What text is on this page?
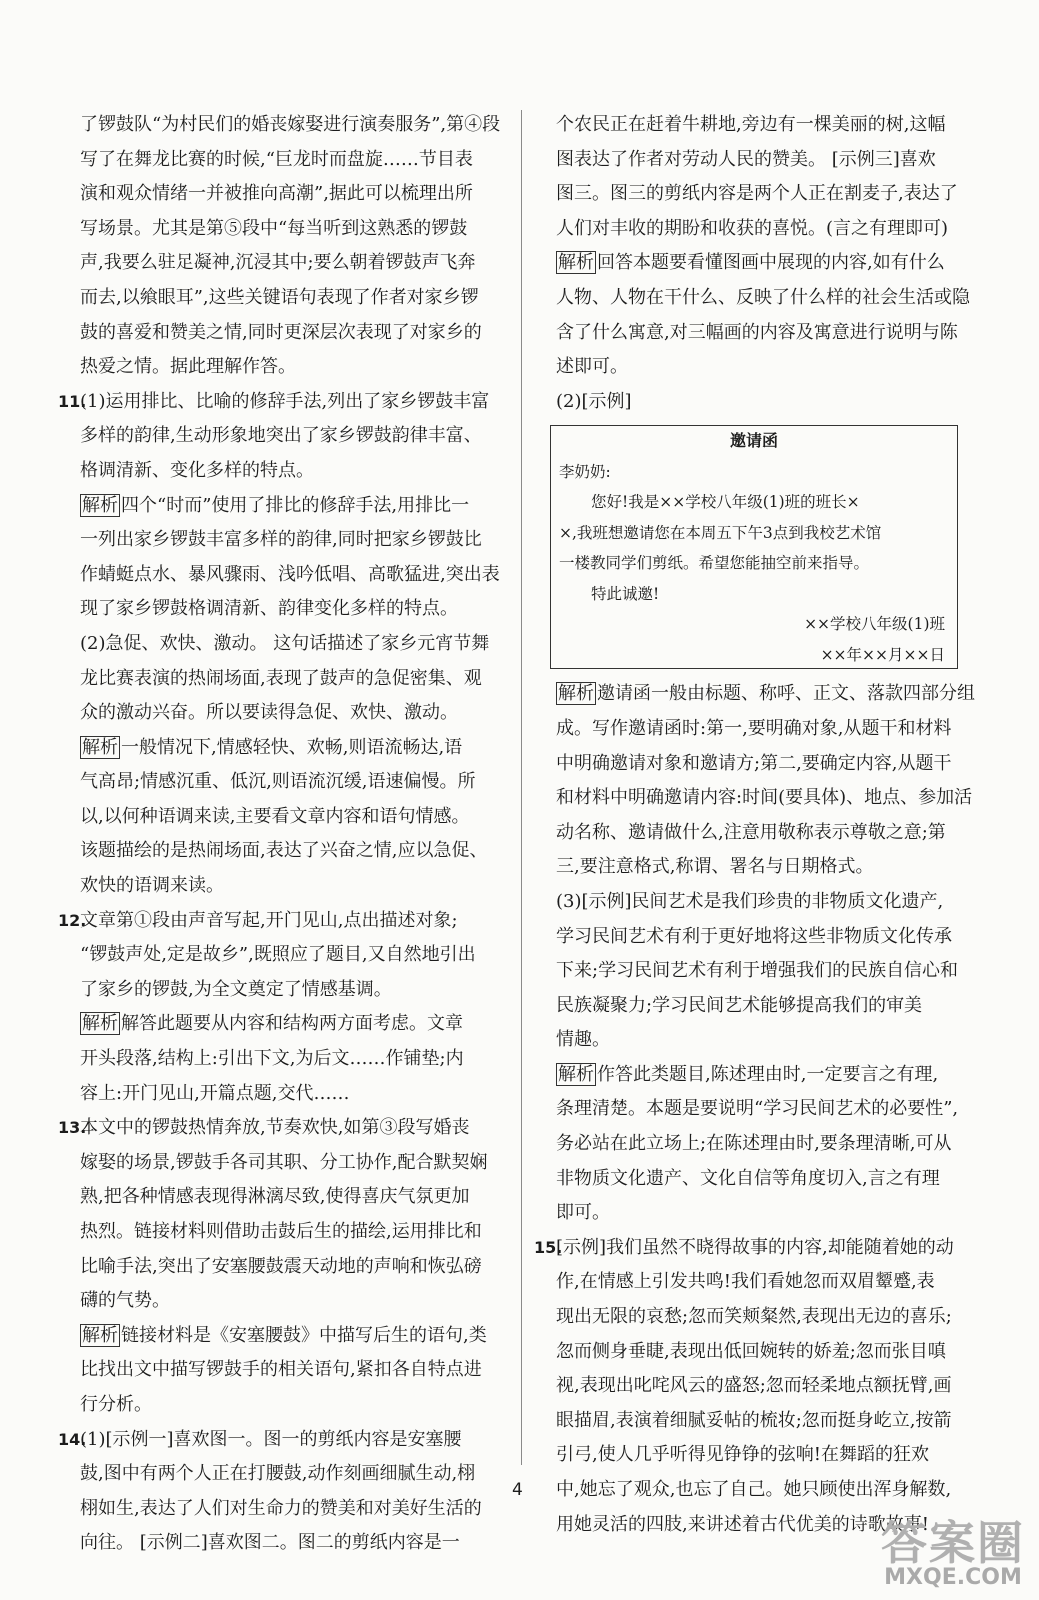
了锣鼓队“为村民们的婚丧嫁娶进行演奏服务”,第④段
写了在舞龙比赛的时候,“巨龙时而盘旋……节目表
演和观众情绪一并被推向高潮”,据此可以梳理出所
写场景。尤其是第⑤段中“每当听到这熟悉的锣鼓
声,我要么驻足凝神,沉浸其中;要么朝着锣鼓声飞奔
而去,以飨眼耳”,这些关键语句表现了作者对家乡锣
鼓的喜爱和赞美之情,同时更深层次表现了对家乡的
热爱之情。据此理解作答。
11.(1)运用排比、比喻的修辞手法,列出了家乡锣鼓丰富
多样的韵律,生动形象地突出了家乡锣鼓韵律丰富、
格调清新、变化多样的特点。
解析 四个“时而”使用了排比的修辞手法,用排比一
一列出家乡锣鼓丰富多样的韵律,同时把家乡锣鼓比
作蜻蜓点水、暴风骤雨、浅吟低唱、高歌猛进,突出表
现了家乡锣鼓格调清新、韵律变化多样的特点。
(2)急促、欢快、激动。 这句话描述了家乡元宵节舞
龙比赛表演的热闹场面,表现了鼓声的急促密集、观
众的激动兴奋。所以要读得急促、欢快、激动。
解析 一般情况下,情感轻快、欢畅,则语流畅达,语
气高昂;情感沉重、低沉,则语流沉缓,语速偏慢。所
以,以何种语调来读,主要看文章内容和语句情感。
该题描绘的是热闹场面,表达了兴奋之情,应以急促、
欢快的语调来读。
12.文章第①段由声音写起,开门见山,点出描述对象;
“锣鼓声处,定是故乡”,既照应了题目,又自然地引出
了家乡的锣鼓,为全文奠定了情感基调。
解析 解答此题要从内容和结构两方面考虑。文章
开头段落,结构上:引出下文,为后文……作铺垫;内
容上:开门见山,开篇点题,交代……
13.本文中的锣鼓热情奔放,节奏欢快,如第③段写婚丧
嫁娶的场景,锣鼓手各司其职、分工协作,配合默契娴
熟,把各种情感表现得淋漓尽致,使得喜庆气氛更加
热烈。链接材料则借助击鼓后生的描绘,运用排比和
比喻手法,突出了安塞腰鼓震天动地的声响和恢弘磅
礴的气势。
解析 链接材料是《安塞腰鼓》中描写后生的语句,类
比找出文中描写锣鼓手的相关语句,紧扣各自特点进
行分析。
14.(1)[示例一]喜欢图一。图一的剪纸内容是安塞腰
鼓,图中有两个人正在打腰鼓,动作刻画细腻生动,栩
栩如生,表达了人们对生命力的赞美和对美好生活的
向往。 [示例二]喜欢图二。图二的剪纸内容是一
个农民正在赶着牛耕地,旁边有一棵美丽的树,这幅
图表达了作者对劳动人民的赞美。 [示例三]喜欢
图三。图三的剪纸内容是两个人正在割麦子,表达了
人们对丰收的期盼和收获的喜悦。(言之有理即可)
解析 回答本题要看懂图画中展现的内容,如有什么
人物、人物在干什么、反映了什么样的社会生活或隐
含了什么寓意,对三幅画的内容及寓意进行说明与陈
述即可。
(2)[示例]
邀请函
李奶奶:
您好!我是××学校八年级(1)班的班长×
×,我班想邀请您在本周五下午3点到我校艺术馆
一楼教同学们剪纸。希望您能抽空前来指导。
特此诚邀!
××学校八年级(1)班
××年××月××日
解析 邀请函一般由标题、称呼、正文、落款四部分组
成。写作邀请函时:第一,要明确对象,从题干和材料
中明确邀请对象和邀请方;第二,要确定内容,从题干
和材料中明确邀请内容:时间(要具体)、地点、参加活
动名称、邀请做什么,注意用敬称表示尊敬之意;第
三,要注意格式,称谓、署名与日期格式。
(3)[示例]民间艺术是我们珍贵的非物质文化遗产,
学习民间艺术有利于更好地将这些非物质文化传承
下来;学习民间艺术有利于增强我们的民族自信心和
民族凝聚力;学习民间艺术能够提高我们的审美
情趣。
解析 作答此类题目,陈述理由时,一定要言之有理,
条理清楚。本题是要说明“学习民间艺术的必要性”,
务必站在此立场上;在陈述理由时,要条理清晰,可从
非物质文化遗产、文化自信等角度切入,言之有理
即可。
15.[示例]我们虽然不晓得故事的内容,却能随着她的动
作,在情感上引发共鸣!我们看她忽而双眉颦蹙,表
现出无限的哀愁;忽而笑颊粲然,表现出无边的喜乐;
忽而侧身垂睫,表现出低回婉转的娇羞;忽而张目嗔
视,表现出叱咤风云的盛怒;忽而轻柔地点额抚臂,画
眼描眉,表演着细腻妥帖的梳妆;忽而挺身屹立,按箭
引弓,使人几乎听得见铮铮的弦响!在舞蹈的狂欢
中,她忘了观众,也忘了自己。她只顾使出浑身解数,
用她灵活的四肢,来讲述着古代优美的诗歌故事!
4
答案圈
MXQE.COM
